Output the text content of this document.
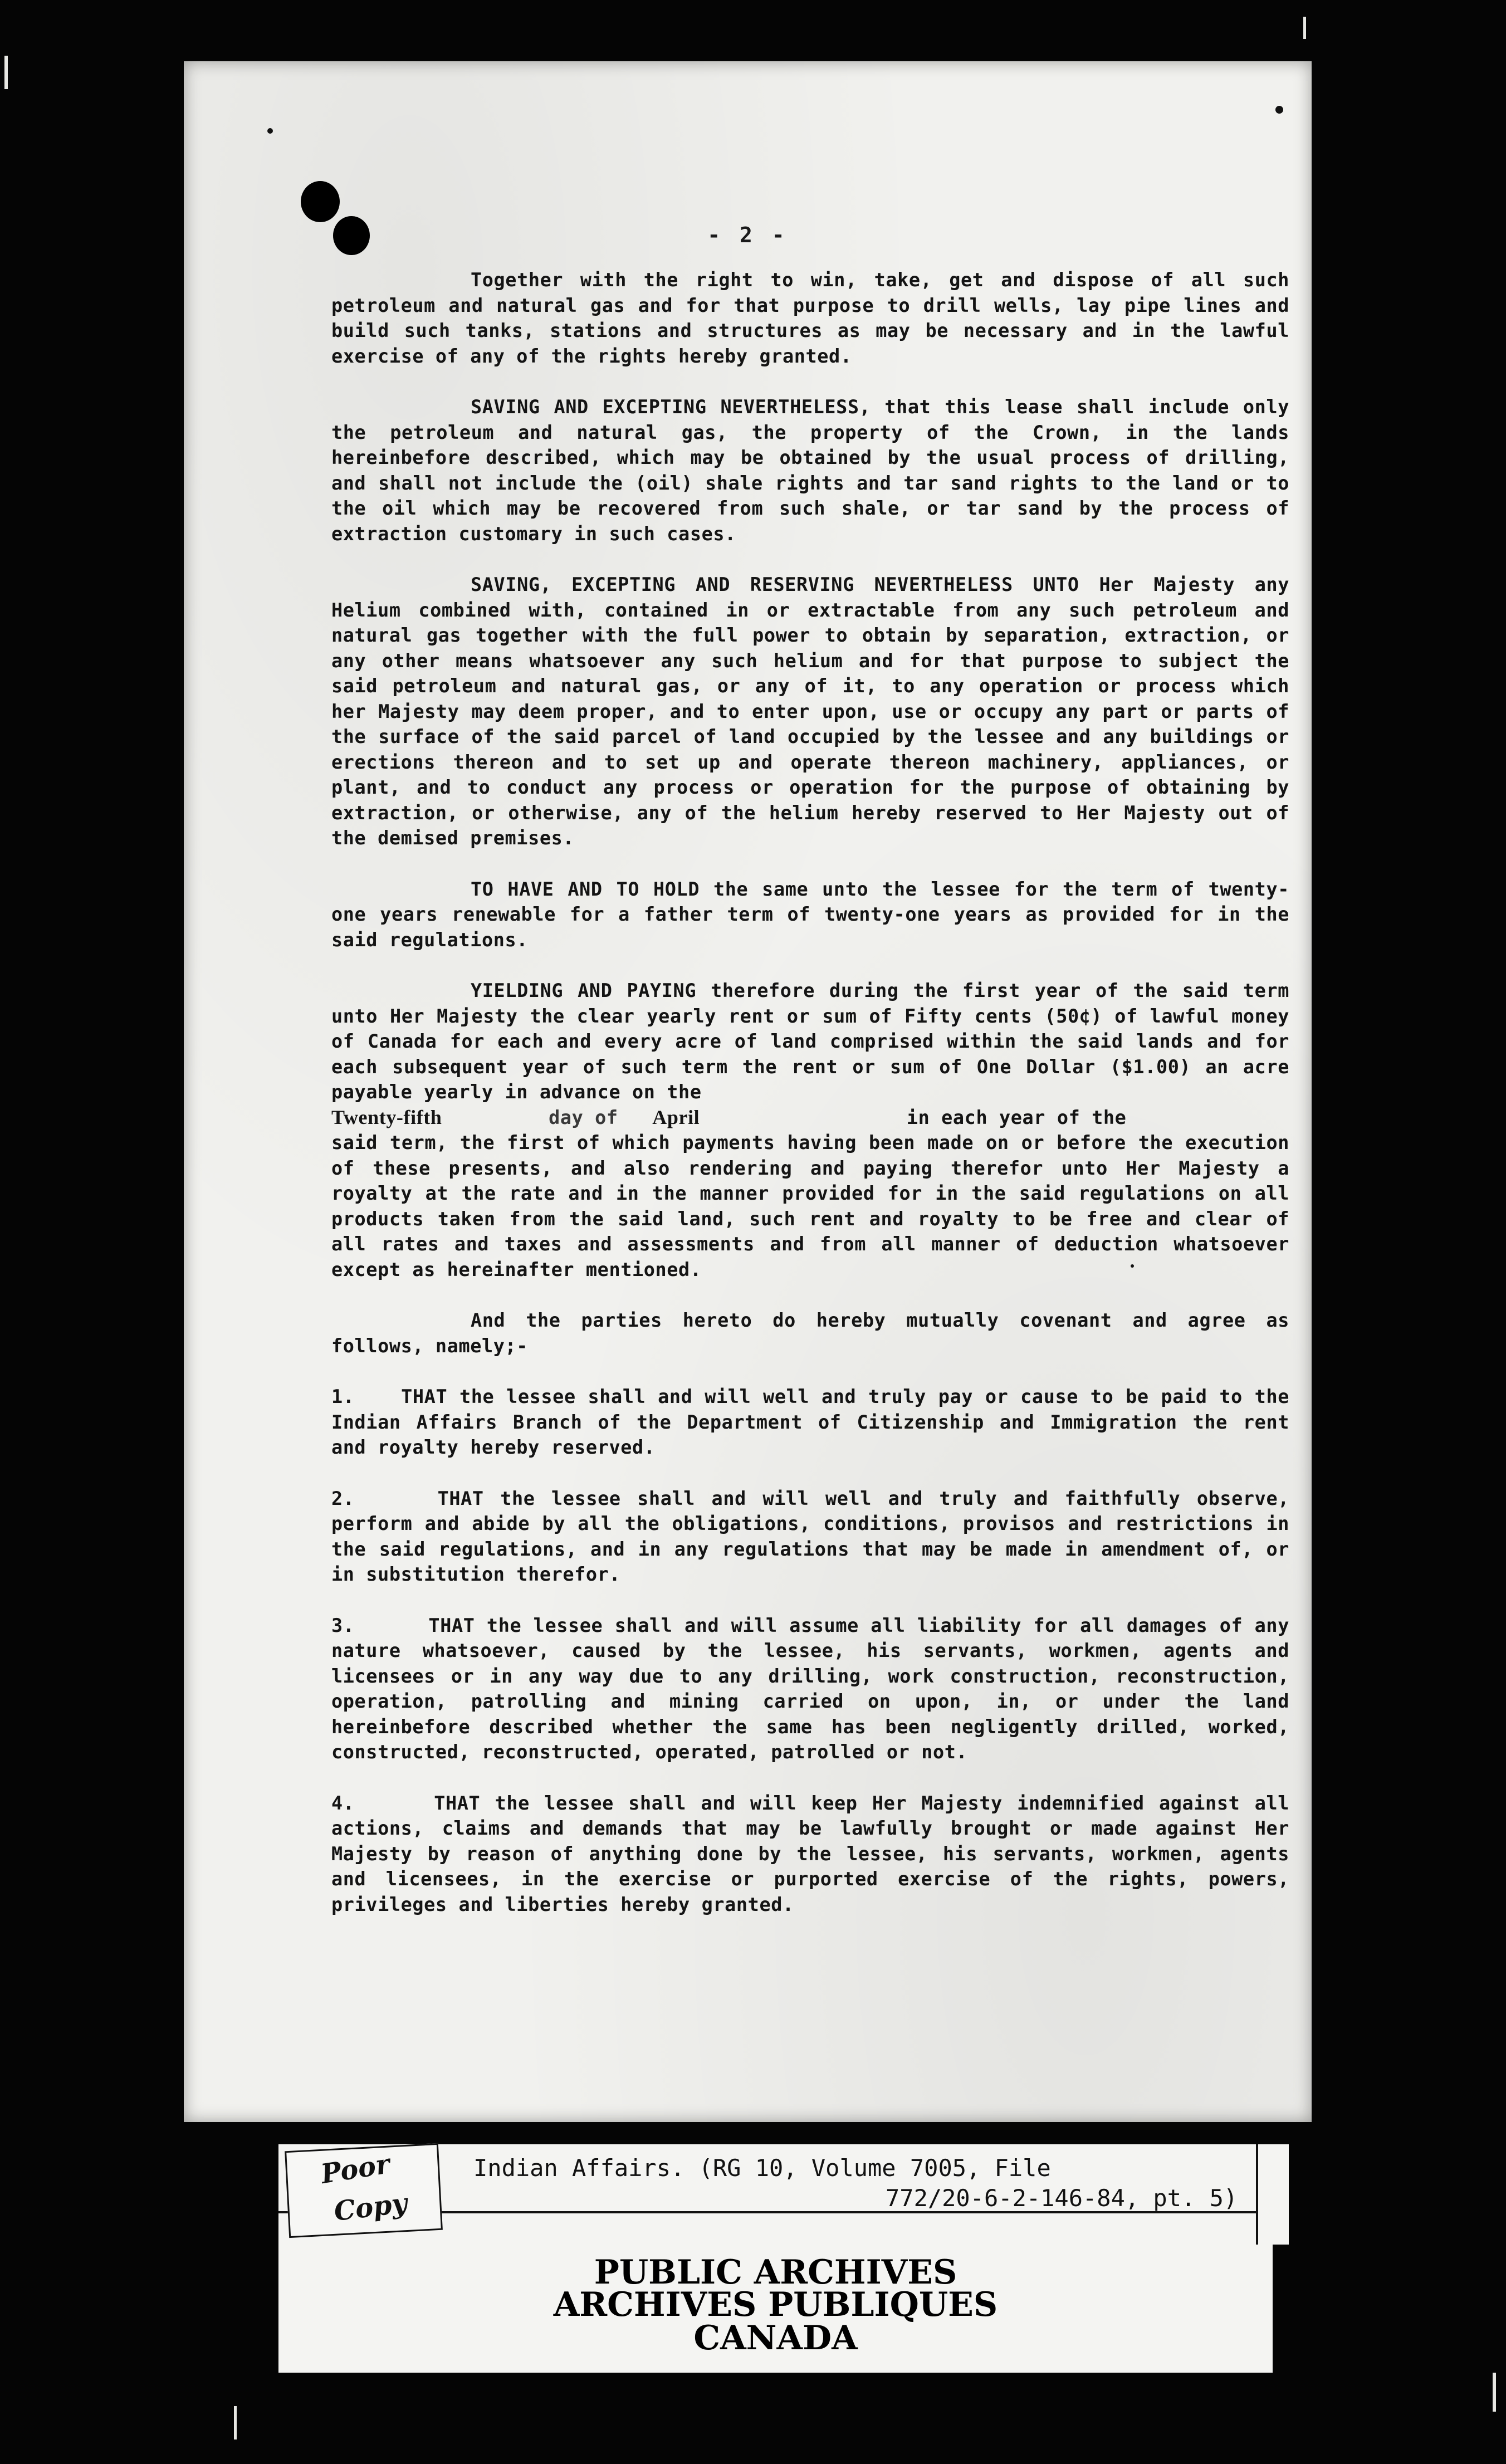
- 2 -

Together with the right to win, take, get and dispose of all such petroleum and natural gas and for that purpose to drill wells, lay pipe lines and build such tanks, stations and structures as may be necessary and in the lawful exercise of any of the rights hereby granted.

SAVING AND EXCEPTING NEVERTHELESS, that this lease shall include only the petroleum and natural gas, the property of the Crown, in the lands hereinbefore described, which may be obtained by the usual process of drilling, and shall not include the (oil) shale rights and tar sand rights to the land or to the oil which may be recovered from such shale, or tar sand by the process of extraction customary in such cases.

SAVING, EXCEPTING AND RESERVING NEVERTHELESS UNTO Her Majesty any Helium combined with, contained in or extractable from any such petroleum and natural gas together with the full power to obtain by separation, extraction, or any other means whatsoever any such helium and for that purpose to subject the said petroleum and natural gas, or any of it, to any operation or process which her Majesty may deem proper, and to enter upon, use or occupy any part or parts of the surface of the said parcel of land occupied by the lessee and any buildings or erections thereon and to set up and operate thereon machinery, appliances, or plant, and to conduct any process or operation for the purpose of obtaining by extraction, or otherwise, any of the helium hereby reserved to Her Majesty out of the demised premises.

TO HAVE AND TO HOLD the same unto the lessee for the term of twenty-one years renewable for a father term of twenty-one years as provided for in the said regulations.

YIELDING AND PAYING therefore during the first year of the said term unto Her Majesty the clear yearly rent or sum of Fifty cents (50¢) of lawful money of Canada for each and every acre of land comprised within the said lands and for each subsequent year of such term the rent or sum of One Dollar ($1.00) an acre payable yearly in advance on the
Twenty-fifth	day of April	in each year of the
said term, the first of which payments having been made on or before the execution of these presents, and also rendering and paying therefor unto Her Majesty a royalty at the rate and in the manner provided for in the said regulations on all products taken from the said land, such rent and royalty to be free and clear of all rates and taxes and assessments and from all manner of deduction whatsoever except as hereinafter mentioned.

And the parties hereto do hereby mutually covenant and agree as follows, namely;-

1. THAT the lessee shall and will well and truly pay or cause to be paid to the Indian Affairs Branch of the Department of Citizenship and Immigration the rent and royalty hereby reserved.
2.	THAT the lessee shall and will well and truly and faithfully observe, perform and abide by all the obligations, conditions, provisos and restrictions in the said regulations, and in any regulations that may be made in amendment of, or in substitution therefor.
3.	THAT the lessee shall and will assume all liability for all damages of any nature whatsoever, caused by the lessee, his servants, workmen, agents and licensees or in any way due to any drilling, work construction, reconstruction, operation, patrolling and mining carried on upon, in, or under the land hereinbefore described whether the same has been negligently drilled, worked, constructed, reconstructed, operated, patrolled or not.
4.	THAT the lessee shall and will keep Her Majesty indemnified against all actions, claims and demands that may be lawfully brought or made against Her Majesty by reason of anything done by the lessee, his servants, workmen, agents and licensees, in the exercise or purported exercise of the rights, powers, privileges and liberties hereby granted.
Indian Affairs. (RG 10, Volume 7005, File
772/20-6-2-146-84, pt. 5)
Poor
Copy
PUBLIC ARCHIVES
ARCHIVES PUBLIQUES
CANADA
